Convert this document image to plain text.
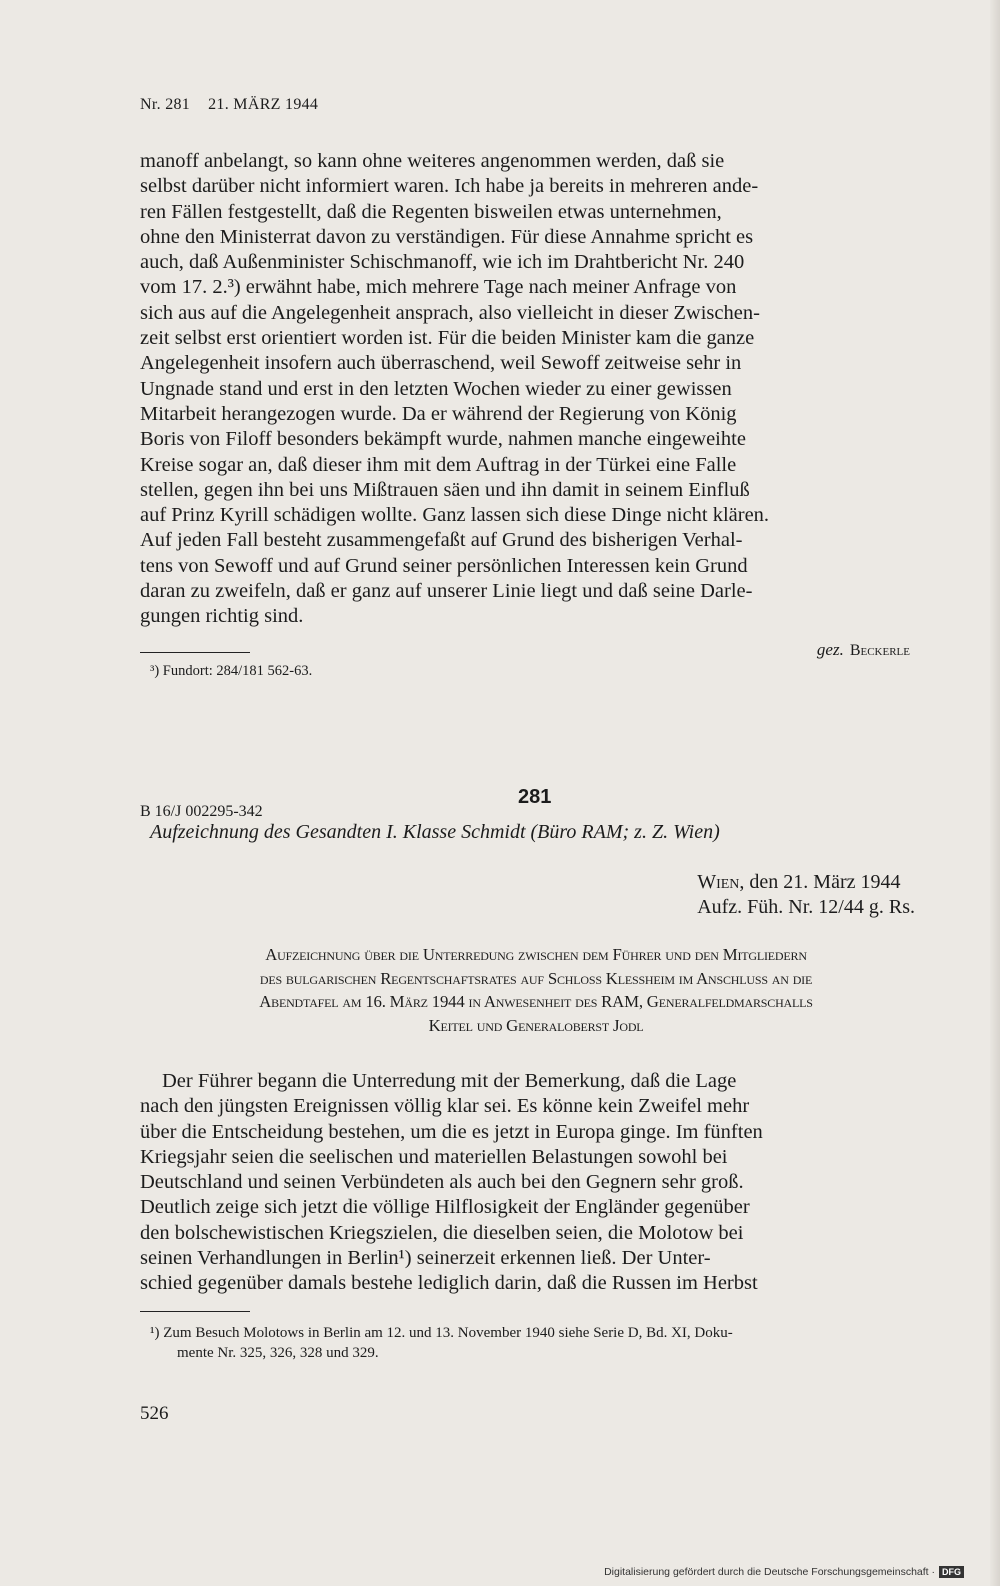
Nr. 281 21. MÄRZ 1944
manoff anbelangt, so kann ohne weiteres angenommen werden, daß sie
selbst darüber nicht informiert waren. Ich habe ja bereits in mehreren ande-
ren Fällen festgestellt, daß die Regenten bisweilen etwas unternehmen,
ohne den Ministerrat davon zu verständigen. Für diese Annahme spricht es
auch, daß Außenminister Schischmanoff, wie ich im Drahtbericht Nr. 240
vom 17. 2.³) erwähnt habe, mich mehrere Tage nach meiner Anfrage von
sich aus auf die Angelegenheit ansprach, also vielleicht in dieser Zwischen-
zeit selbst erst orientiert worden ist. Für die beiden Minister kam die ganze
Angelegenheit insofern auch überraschend, weil Sewoff zeitweise sehr in
Ungnade stand und erst in den letzten Wochen wieder zu einer gewissen
Mitarbeit herangezogen wurde. Da er während der Regierung von König
Boris von Filoff besonders bekämpft wurde, nahmen manche eingeweihte
Kreise sogar an, daß dieser ihm mit dem Auftrag in der Türkei eine Falle
stellen, gegen ihn bei uns Mißtrauen säen und ihn damit in seinem Einfluß
auf Prinz Kyrill schädigen wollte. Ganz lassen sich diese Dinge nicht klären.
Auf jeden Fall besteht zusammengefaßt auf Grund des bisherigen Verhal-
tens von Sewoff und auf Grund seiner persönlichen Interessen kein Grund
daran zu zweifeln, daß er ganz auf unserer Linie liegt und daß seine Darle-
gungen richtig sind.
gez. Beckerle
³) Fundort: 284/181 562-63.
281
B 16/J 002295-342
Aufzeichnung des Gesandten I. Klasse Schmidt (Büro RAM; z. Z. Wien)
Wien, den 21. März 1944
Aufz. Füh. Nr. 12/44 g. Rs.
Aufzeichnung über die Unterredung zwischen dem Führer und den Mitgliedern
des bulgarischen Regentschaftsrates auf Schloss Klessheim im Anschluss an die
Abendtafel am 16. März 1944 in Anwesenheit des RAM, Generalfeldmarschalls
Keitel und Generaloberst Jodl
Der Führer begann die Unterredung mit der Bemerkung, daß die Lage
nach den jüngsten Ereignissen völlig klar sei. Es könne kein Zweifel mehr
über die Entscheidung bestehen, um die es jetzt in Europa ginge. Im fünften
Kriegsjahr seien die seelischen und materiellen Belastungen sowohl bei
Deutschland und seinen Verbündeten als auch bei den Gegnern sehr groß.
Deutlich zeige sich jetzt die völlige Hilflosigkeit der Engländer gegenüber
den bolschewistischen Kriegszielen, die dieselben seien, die Molotow bei
seinen Verhandlungen in Berlin¹) seinerzeit erkennen ließ. Der Unter-
schied gegenüber damals bestehe lediglich darin, daß die Russen im Herbst
¹) Zum Besuch Molotows in Berlin am 12. und 13. November 1940 siehe Serie D, Bd. XI, Doku-
mente Nr. 325, 326, 328 und 329.
526
Digitalisierung gefördert durch die Deutsche Forschungsgemeinschaft · DFG
